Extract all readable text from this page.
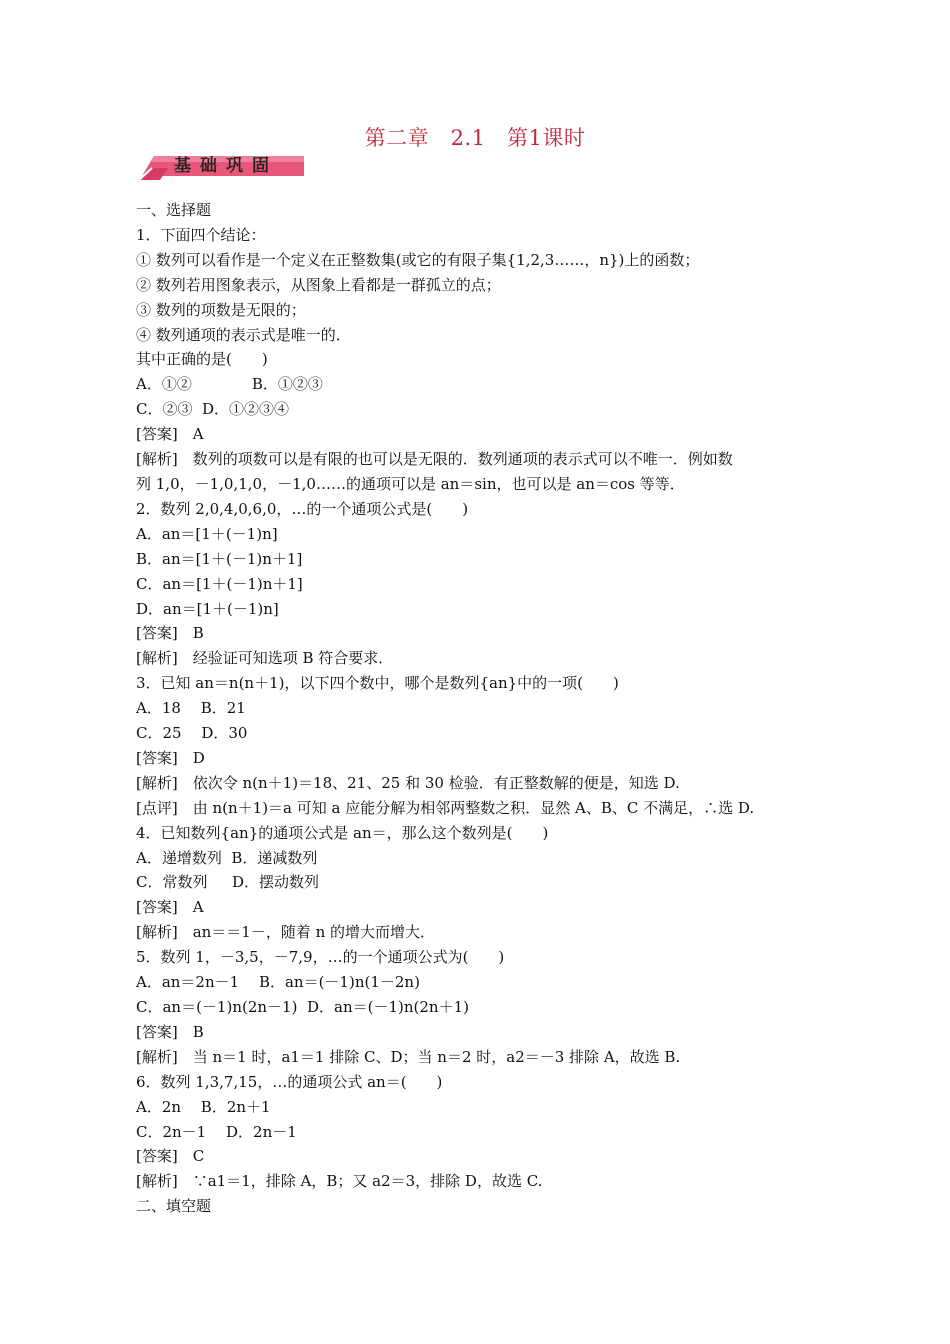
第二章　2.1　第1课时
基础巩固

一、选择题

1．下面四个结论：

① 数列可以看作是一个定义在正整数集(或它的有限子集{1,2,3……，n})上的函数；

② 数列若用图象表示，从图象上看都是一群孤立的点；

③ 数列的项数是无限的；

④ 数列通项的表示式是唯一的．

其中正确的是(　　)

A．①②　　　　B．①②③

C．②③  D．①②③④

[答案]　A

[解析]　数列的项数可以是有限的也可以是无限的．数列通项的表示式可以不唯一．例如数

列 1,0，－1,0,1,0，－1,0……的通项可以是 an＝sin，也可以是 an＝cos 等等．

2．数列 2,0,4,0,6,0，…的一个通项公式是(　　)

A．an＝[1＋(－1)n]

B．an＝[1＋(－1)n＋1]

C．an＝[1＋(－1)n＋1]

D．an＝[1＋(－1)n]

[答案]　B

[解析]　经验证可知选项 B 符合要求．

3．已知 an＝n(n＋1)，以下四个数中，哪个是数列{an}中的一项(　　)

A．18　 B．21

C．25　 D．30

[答案]　D

[解析]　依次令 n(n＋1)＝18、21、25 和 30 检验．有正整数解的便是，知选 D.

[点评]　由 n(n＋1)＝a 可知 a 应能分解为相邻两整数之积．显然 A、B、C 不满足，∴选 D.

4．已知数列{an}的通项公式是 an＝，那么这个数列是(　　)

A．递增数列  B．递减数列

C．常数列　  D．摆动数列

[答案]　A

[解析]　an＝＝1－，随着 n 的增大而增大．

5．数列 1，－3,5，－7,9，…的一个通项公式为(　　)

A．an＝2n－1　 B．an＝(－1)n(1－2n)

C．an＝(－1)n(2n－1)  D．an＝(－1)n(2n＋1)

[答案]　B

[解析]　当 n＝1 时，a1＝1 排除 C、D；当 n＝2 时，a2＝－3 排除 A，故选 B.

6．数列 1,3,7,15，…的通项公式 an＝(　　)

A．2n　 B．2n＋1

C．2n－1　 D．2n－1

[答案]　C

[解析]　∵a1＝1，排除 A，B；又 a2＝3，排除 D，故选 C.

二、填空题
